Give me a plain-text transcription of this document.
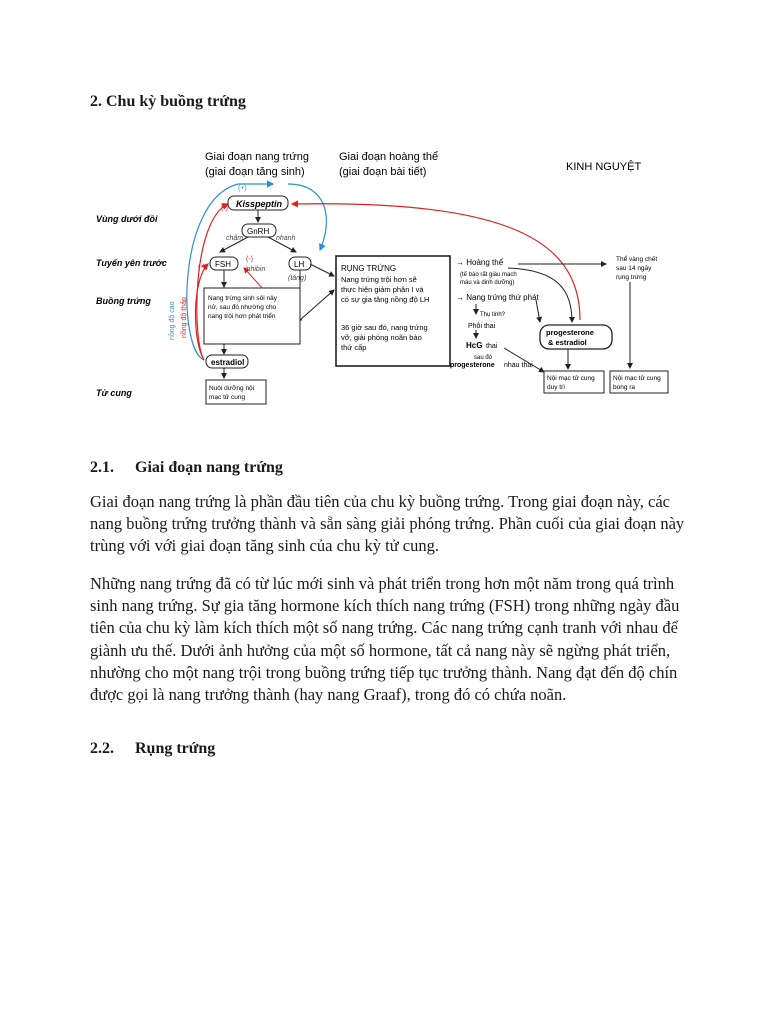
2. Chu kỳ buồng trứng
Giai đoạn nang trứng
(giai đoạn tăng sinh)
Giai đoạn hoàng thể
(giai đoạn bài tiết)	KINH NGUYỆT
Vùng dưới đồi
Tuyến yên trước
Buồng trứng
Tử cung
nồng độ cao
(+)
nồng độ thấp
(-)
(-)
Kisspeptin
GnRH
chậm	nhanh
FSH	LH
(tăng)
inhibin
(-)
Nang trứng sinh sôi nảy
nở, sau đó nhường cho
nang trội hơn phát triển
estradiol
Nuôi dưỡng nội
mạc tử cung
RỤNG TRỨNG
Nang trứng trội hơn sẽ
thực hiện giảm phân I và
có sự gia tăng nồng độ LH
36 giờ sau đó, nang trứng
vỡ, giải phóng noãn bào
thứ cấp
→ Hoàng thể
(tế bào rất giàu mạch
máu và dinh dưỡng)
→ Nang trứng thứ phát
Thụ tinh?
Phôi thai
HcG thai
sau đó
progesterone nhau thai
progesterone
& estradiol
Thể vàng chết
sau 14 ngày
rụng trứng
Nội mạc tử cung
duy trì
Nội mạc tử cung
bong ra
2.1. Giai đoạn nang trứng

Giai đoạn nang trứng là phần đầu tiên của chu kỳ buồng trứng. Trong giai đoạn này, các nang buồng trứng trưởng thành và sẵn sàng giải phóng trứng. Phần cuối của giai đoạn này trùng với với giai đoạn tăng sinh của chu kỳ tử cung.

Những nang trứng đã có từ lúc mới sinh và phát triển trong hơn một năm trong quá trình sinh nang trứng. Sự gia tăng hormone kích thích nang trứng (FSH) trong những ngày đầu tiên của chu kỳ làm kích thích một số nang trứng. Các nang trứng cạnh tranh với nhau để giành ưu thế. Dưới ảnh hưởng của một số hormone, tất cả nang này sẽ ngừng phát triển, nhường cho một nang trội trong buồng trứng tiếp tục trưởng thành. Nang đạt đến độ chín được gọi là nang trưởng thành (hay nang Graaf), trong đó có chứa noãn.

2.2. Rụng trứng
